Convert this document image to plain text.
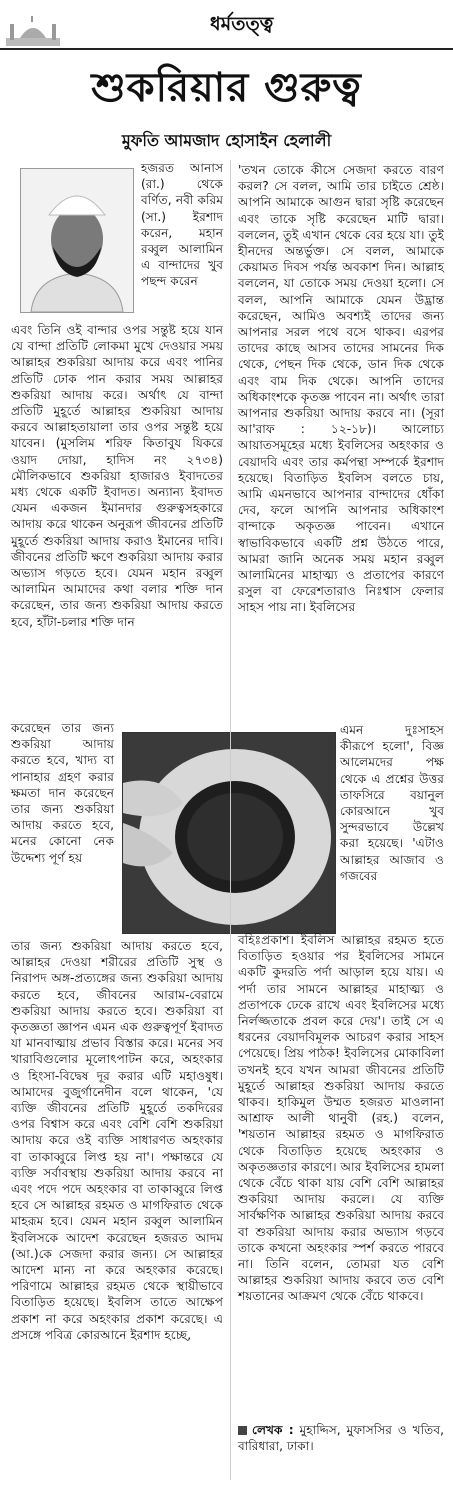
ধর্মতত্ত্ব
শুকরিয়ার গুরুত্ব
মুফতি আমজাদ হোসাইন হেলালী

হজরত আনাস (রা.) থেকে বর্ণিত, নবী করিম (সা.) ইরশাদ করেন, মহান রব্বুল আলামিন এ বান্দাদের খুব পছন্দ করেন

এবং তিনি ওই বান্দার ওপর সন্তুষ্ট হয়ে যান যে বান্দা প্রতিটি লোকমা মুখে দেওয়ার সময় আল্লাহর শুকরিয়া আদায় করে এবং পানির প্রতিটি ঢোক পান করার সময় আল্লাহর শুকরিয়া আদায় করে। অর্থাৎ যে বান্দা প্রতিটি মুহূর্তে আল্লাহর শুকরিয়া আদায় করবে আল্লাহতায়ালা তার ওপর সন্তুষ্ট হয়ে যাবেন। (মুসলিম শরিফ কিতাবুয যিকরে ওয়াদ দোয়া, হাদিস নং ২৭৩৪) মৌলিকভাবে শুকরিয়া হাজারও ইবাদতের মধ্য থেকে একটি ইবাদত। অন্যান্য ইবাদত যেমন একজন ইমানদার গুরুত্বসহকারে আদায় করে থাকেন অনুরূপ জীবনের প্রতিটি মুহূর্তে শুকরিয়া আদায় করাও ইমানের দাবি। জীবনের প্রতিটি ক্ষণে শুকরিয়া আদায় করার অভ্যাস গড়তে হবে। যেমন মহান রব্বুল আলামিন আমাদের কথা বলার শক্তি দান করেছেন, তার জন্য শুকরিয়া আদায় করতে হবে, হাঁটা-চলার শক্তি দান

করেছেন তার জন্য শুকরিয়া আদায় করতে হবে, খাদ্য বা পানাহার গ্রহণ করার ক্ষমতা দান করেছেন তার জন্য শুকরিয়া আদায় করতে হবে, মনের কোনো নেক উদ্দেশ্য পূর্ণ হয়

তার জন্য শুকরিয়া আদায় করতে হবে, আল্লাহর দেওয়া শরীরের প্রতিটি সুস্থ ও নিরাপদ অঙ্গ-প্রত্যঙ্গের জন্য শুকরিয়া আদায় করতে হবে, জীবনের আরাম-বেরামে শুকরিয়া আদায় করতে হবে। শুকরিয়া বা কৃতজ্ঞতা জ্ঞাপন এমন এক গুরুত্বপূর্ণ ইবাদত যা মানবাত্মায় প্রভাব বিস্তার করে। মনের সব খারাবিগুলোর মূলোৎপাটন করে, অহংকার ও হিংসা-বিদ্বেষ দূর করার এটি মহাওষুধ। আমাদের বুজুর্গানেদীন বলে থাকেন, 'যে ব্যক্তি জীবনের প্রতিটি মুহূর্তে তকদিরের ওপর বিশ্বাস করে এবং বেশি বেশি শুকরিয়া আদায় করে ওই ব্যক্তি সাধারণত অহংকার বা তাকাব্বুরে লিপ্ত হয় না'। পক্ষান্তরে যে ব্যক্তি সর্বাবস্থায় শুকরিয়া আদায় করবে না এবং পদে পদে অহংকার বা তাকাব্বুরে লিপ্ত হবে সে আল্লাহর রহমত ও মাগফিরাত থেকে মাহরূম হবে। যেমন মহান রব্বুল আলামিন ইবলিসকে আদেশ করেছেন হজরত আদম (আ.)কে সেজদা করার জন্য। সে আল্লাহর আদেশ মান্য না করে অহংকার করেছে। পরিণামে আল্লাহর রহমত থেকে স্থায়ীভাবে বিতাড়িত হয়েছে। ইবলিস তাতে আক্ষেপ প্রকাশ না করে অহংকার প্রকাশ করেছে। এ প্রসঙ্গে পবিত্র কোরআনে ইরশাদ হচ্ছে,

'তখন তোকে কীসে সেজদা করতে বারণ করল? সে বলল, আমি তার চাইতে শ্রেষ্ঠ। আপনি আমাকে আগুন দ্বারা সৃষ্টি করেছেন এবং তাকে সৃষ্টি করেছেন মাটি দ্বারা। বললেন, তুই এখান থেকে বের হয়ে যা। তুই হীনদের অন্তর্ভুক্ত। সে বলল, আমাকে কেয়ামত দিবস পর্যন্ত অবকাশ দিন। আল্লাহ বললেন, যা তোকে সময় দেওয়া হলো। সে বলল, আপনি আমাকে যেমন উদ্ভ্রান্ত করেছেন, আমিও অবশ্যই তাদের জন্য আপনার সরল পথে বসে থাকব। এরপর তাদের কাছে আসব তাদের সামনের দিক থেকে, পেছন দিক থেকে, ডান দিক থেকে এবং বাম দিক থেকে। আপনি তাদের অধিকাংশকে কৃতজ্ঞ পাবেন না। অর্থাৎ তারা আপনার শুকরিয়া আদায় করবে না। (সূরা আ'রাফ : ১২-১৮)। আলোচ্য আয়াতসমূহের মধ্যে ইবলিসের অহংকার ও বেয়াদবি এবং তার কর্মপন্থা সম্পর্কে ইরশাদ হয়েছে। বিতাড়িত ইবলিস বলতে চায়, আমি এমনভাবে আপনার বান্দাদের ধোঁকা দেব, ফলে আপনি আপনার অধিকাংশ বান্দাকে অকৃতজ্ঞ পাবেন। এখানে স্বাভাবিকভাবে একটি প্রশ্ন উঠতে পারে, আমরা জানি অনেক সময় মহান রব্বুল আলামিনের মাহাত্ম্য ও প্রতাপের কারণে রসুল বা ফেরেশতারাও নিঃশ্বাস ফেলার সাহস পায় না। ইবলিসের

এমন দুঃসাহস কীরূপে হলো', বিজ্ঞ আলেমদের পক্ষ থেকে এ প্রশ্নের উত্তর তাফসিরে বয়ানুল কোরআনে খুব সুন্দরভাবে উল্লেখ করা হয়েছে। 'এটাও আল্লাহর আজাব ও গজবের

বহিঃপ্রকাশ। ইবলিস আল্লাহর রহমত হতে বিতাড়িত হওয়ার পর ইবলিসের সামনে একটি কুদরতি পর্দা আড়াল হয়ে যায়। এ পর্দা তার সামনে আল্লাহর মাহাত্ম্য ও প্রতাপকে ঢেকে রাখে এবং ইবলিসের মধ্যে নির্লজ্জতাকে প্রবল করে দেয়'। তাই সে এ ধরনের বেয়াদবিমূলক আচরণ করার সাহস পেয়েছে। প্রিয় পাঠক! ইবলিসের মোকাবিলা তখনই হবে যখন আমরা জীবনের প্রতিটি মুহূর্তে আল্লাহর শুকরিয়া আদায় করতে থাকব। হাকিমুল উম্মত হজরত মাওলানা আশ্রাফ আলী থানুবী (রহ.) বলেন, 'শয়তান আল্লাহর রহমত ও মাগফিরাত থেকে বিতাড়িত হয়েছে অহংকার ও অকৃতজ্ঞতার কারণে। আর ইবলিসের হামলা থেকে বেঁচে থাকা যায় বেশি বেশি আল্লাহর শুকরিয়া আদায় করলে। যে ব্যক্তি সার্বক্ষণিক আল্লাহর শুকরিয়া আদায় করবে বা শুকরিয়া আদায় করার অভ্যাস গড়বে তাকে কখনো অহংকার স্পর্শ করতে পারবে না। তিনি বলেন, তোমরা যত বেশি আল্লাহর শুকরিয়া আদায় করবে তত বেশি শয়তানের আক্রমণ থেকে বেঁচে থাকবে।

লেখক : মুহাদ্দিস, মুফাসসির ও খতিব, বারিধারা, ঢাকা।
